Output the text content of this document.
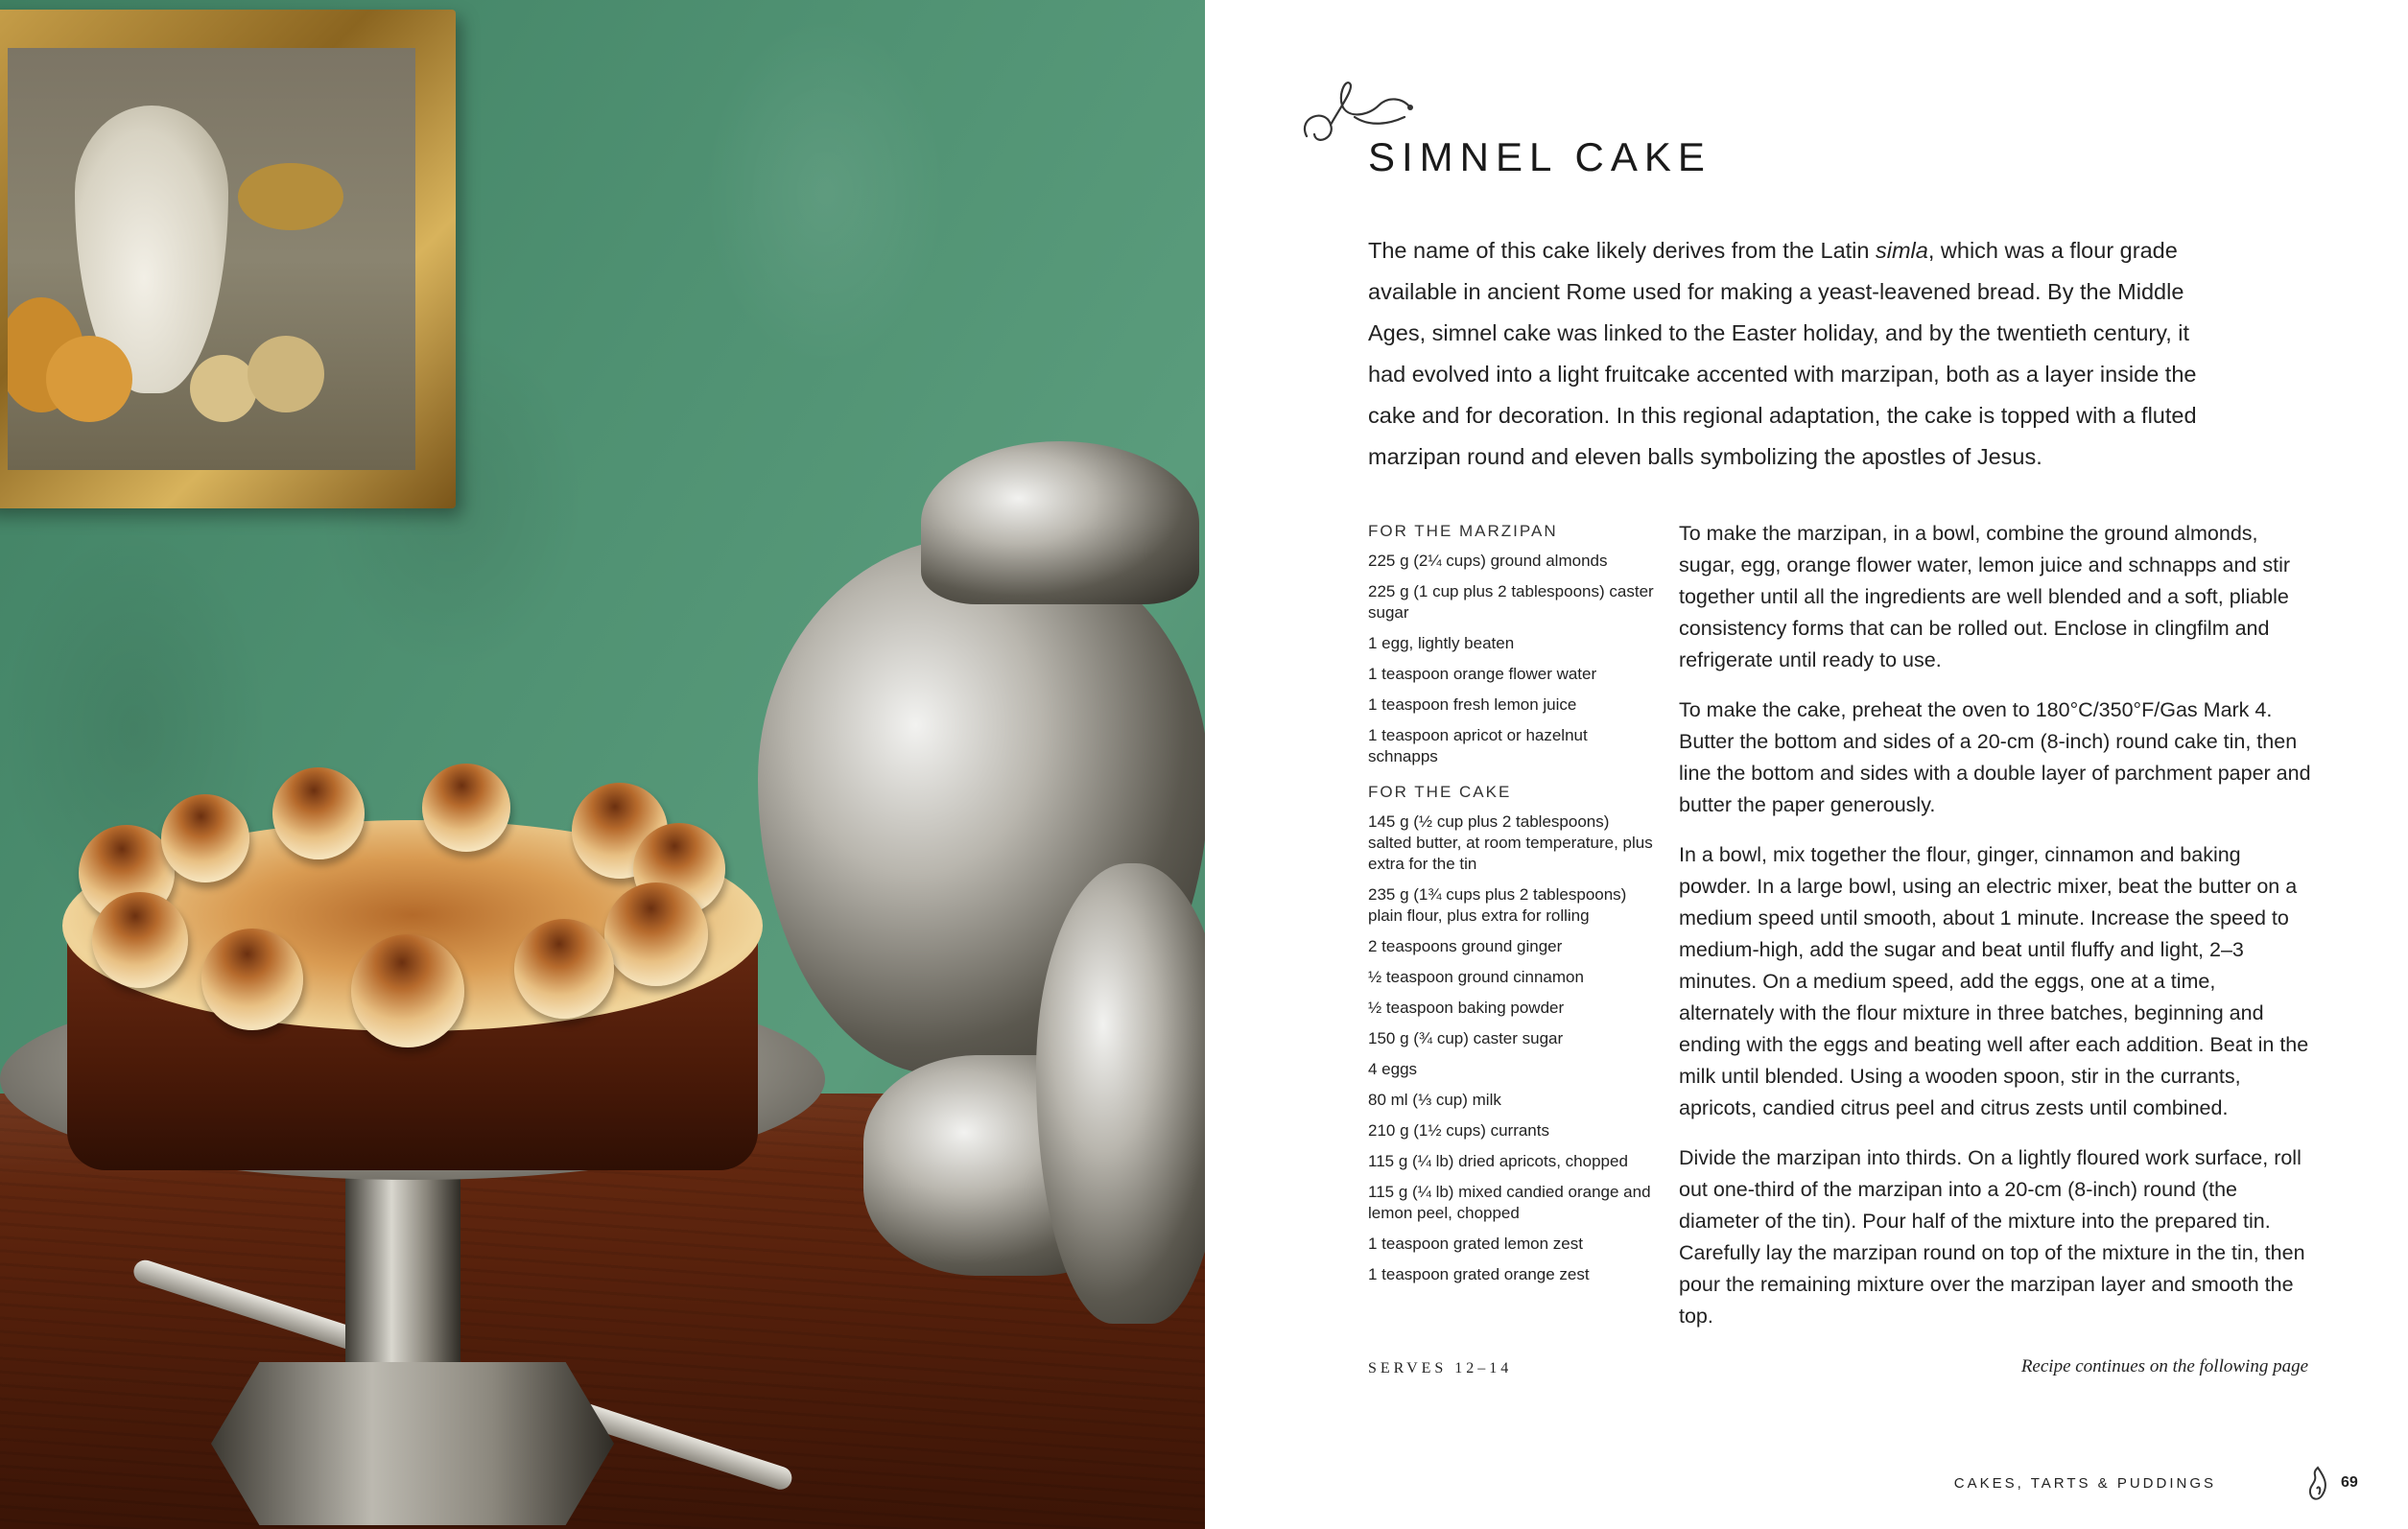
SIMNEL CAKE

The name of this cake likely derives from the Latin simla, which was a flour grade available in ancient Rome used for making a yeast-leavened bread. By the Middle Ages, simnel cake was linked to the Easter holiday, and by the twentieth century, it had evolved into a light fruitcake accented with marzipan, both as a layer inside the cake and for decoration. In this regional adaptation, the cake is topped with a fluted marzipan round and eleven balls symbolizing the apostles of Jesus.

FOR THE MARZIPAN
225 g (2¼ cups) ground almonds
225 g (1 cup plus 2 tablespoons) caster sugar
1 egg, lightly beaten
1 teaspoon orange flower water
1 teaspoon fresh lemon juice
1 teaspoon apricot or hazelnut schnapps
FOR THE CAKE
145 g (½ cup plus 2 tablespoons) salted butter, at room temperature, plus extra for the tin
235 g (1¾ cups plus 2 tablespoons) plain flour, plus extra for rolling
2 teaspoons ground ginger
½ teaspoon ground cinnamon
½ teaspoon baking powder
150 g (¾ cup) caster sugar
4 eggs
80 ml (⅓ cup) milk
210 g (1½ cups) currants
115 g (¼ lb) dried apricots, chopped
115 g (¼ lb) mixed candied orange and lemon peel, chopped
1 teaspoon grated lemon zest
1 teaspoon grated orange zest

To make the marzipan, in a bowl, combine the ground almonds, sugar, egg, orange flower water, lemon juice and schnapps and stir together until all the ingredients are well blended and a soft, pliable consistency forms that can be rolled out. Enclose in clingfilm and refrigerate until ready to use.

To make the cake, preheat the oven to 180°C/350°F/Gas Mark 4. Butter the bottom and sides of a 20-cm (8-inch) round cake tin, then line the bottom and sides with a double layer of parchment paper and butter the paper generously.

In a bowl, mix together the flour, ginger, cinnamon and baking powder. In a large bowl, using an electric mixer, beat the butter on a medium speed until smooth, about 1 minute. Increase the speed to medium-high, add the sugar and beat until fluffy and light, 2–3 minutes. On a medium speed, add the eggs, one at a time, alternately with the flour mixture in three batches, beginning and ending with the eggs and beating well after each addition. Beat in the milk until blended. Using a wooden spoon, stir in the currants, apricots, candied citrus peel and citrus zests until combined.

Divide the marzipan into thirds. On a lightly floured work surface, roll out one-third of the marzipan into a 20-cm (8-inch) round (the diameter of the tin). Pour half of the mixture into the prepared tin. Carefully lay the marzipan round on top of the mixture in the tin, then pour the remaining mixture over the marzipan layer and smooth the top.

SERVES 12–14	Recipe continues on the following page
CAKES, TARTS & PUDDINGS	69
